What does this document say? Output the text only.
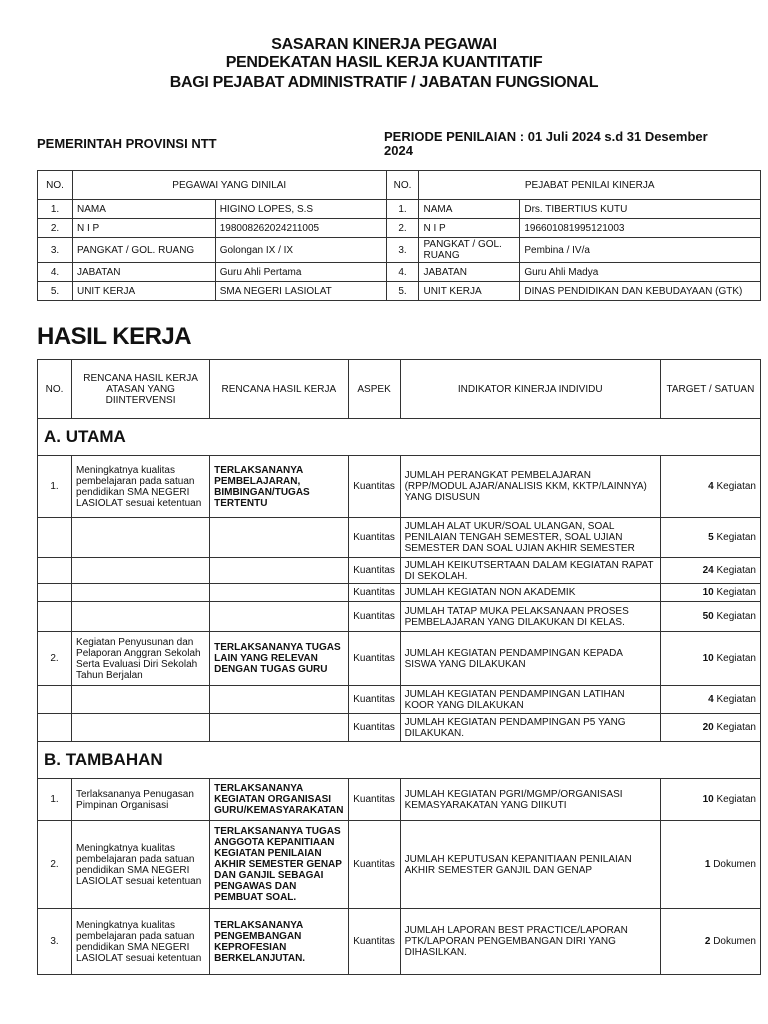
SASARAN KINERJA PEGAWAI
PENDEKATAN HASIL KERJA KUANTITATIF
BAGI PEJABAT ADMINISTRATIF / JABATAN FUNGSIONAL
PEMERINTAH PROVINSI NTT	PERIODE PENILAIAN : 01 Juli 2024 s.d 31 Desember 2024
NO.	PEGAWAI YANG DINILAI		NO.	PEJABAT PENILAI KINERJA	
1.	NAMA	HIGINO LOPES, S.S	1.	NAMA	Drs. TIBERTIUS KUTU
2.	N I P	198008262024211005	2.	N I P	196601081995121003
3.	PANGKAT / GOL. RUANG	Golongan IX / IX	3.	PANGKAT / GOL. RUANG	Pembina / IV/a
4.	JABATAN	Guru Ahli Pertama	4.	JABATAN	Guru Ahli Madya
5.	UNIT KERJA	SMA NEGERI LASIOLAT	5.	UNIT KERJA	DINAS PENDIDIKAN DAN KEBUDAYAAN (GTK)
HASIL KERJA
NO.	RENCANA HASIL KERJA ATASAN YANG DIINTERVENSI	RENCANA HASIL KERJA	ASPEK	INDIKATOR KINERJA INDIVIDU	TARGET / SATUAN
A. UTAMA					
1.	Meningkatnya kualitas pembelajaran pada satuan pendidikan SMA NEGERI LASIOLAT sesuai ketentuan	TERLAKSANANYA PEMBELAJARAN, BIMBINGAN/TUGAS TERTENTU	Kuantitas	JUMLAH PERANGKAT PEMBELAJARAN (RPP/MODUL AJAR/ANALISIS KKM, KKTP/LAINNYA) YANG DISUSUN	4 Kegiatan
			Kuantitas	JUMLAH ALAT UKUR/SOAL ULANGAN, SOAL PENILAIAN TENGAH SEMESTER, SOAL UJIAN SEMESTER DAN SOAL UJIAN AKHIR SEMESTER	5 Kegiatan
			Kuantitas	JUMLAH KEIKUTSERTAAN DALAM KEGIATAN RAPAT DI SEKOLAH.	24 Kegiatan
			Kuantitas	JUMLAH KEGIATAN NON AKADEMIK	10 Kegiatan
			Kuantitas	JUMLAH TATAP MUKA PELAKSANAAN PROSES PEMBELAJARAN YANG DILAKUKAN DI KELAS.	50 Kegiatan
2.	Kegiatan Penyusunan dan Pelaporan Anggran Sekolah Serta Evaluasi Diri Sekolah Tahun Berjalan	TERLAKSANANYA TUGAS LAIN YANG RELEVAN DENGAN TUGAS GURU	Kuantitas	JUMLAH KEGIATAN PENDAMPINGAN KEPADA SISWA YANG DILAKUKAN	10 Kegiatan
			Kuantitas	JUMLAH KEGIATAN PENDAMPINGAN LATIHAN KOOR YANG DILAKUKAN	4 Kegiatan
			Kuantitas	JUMLAH KEGIATAN PENDAMPINGAN P5 YANG DILAKUKAN.	20 Kegiatan
B. TAMBAHAN					
1.	Terlaksananya Penugasan Pimpinan Organisasi	TERLAKSANANYA KEGIATAN ORGANISASI GURU/KEMASYARAKATAN	Kuantitas	JUMLAH KEGIATAN PGRI/MGMP/ORGANISASI KEMASYARAKATAN YANG DIIKUTI	10 Kegiatan
2.	Meningkatnya kualitas pembelajaran pada satuan pendidikan SMA NEGERI LASIOLAT sesuai ketentuan	TERLAKSANANYA TUGAS ANGGOTA KEPANITIAAN KEGIATAN PENILAIAN AKHIR SEMESTER GENAP DAN GANJIL SEBAGAI PENGAWAS DAN PEMBUAT SOAL.	Kuantitas	JUMLAH KEPUTUSAN KEPANITIAAN PENILAIAN AKHIR SEMESTER GANJIL DAN GENAP	1 Dokumen
3.	Meningkatnya kualitas pembelajaran pada satuan pendidikan SMA NEGERI LASIOLAT sesuai ketentuan	TERLAKSANANYA PENGEMBANGAN KEPROFESIAN BERKELANJUTAN.	Kuantitas	JUMLAH LAPORAN BEST PRACTICE/LAPORAN PTK/LAPORAN PENGEMBANGAN DIRI YANG DIHASILKAN.	2 Dokumen
